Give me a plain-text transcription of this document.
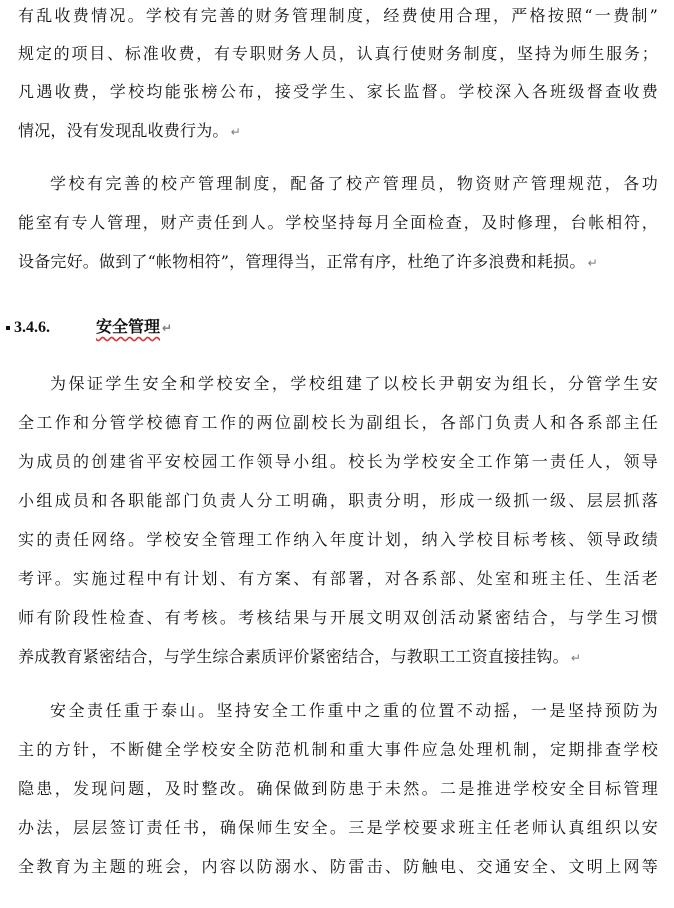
有乱收费情况。学校有完善的财务管理制度，经费使用合理，严格按照“一费制”
规定的项目、标准收费，有专职财务人员，认真行使财务制度，坚持为师生服务；
凡遇收费，学校均能张榜公布，接受学生、家长监督。学校深入各班级督查收费
情况，没有发现乱收费行为。 ↵
学校有完善的校产管理制度，配备了校产管理员，物资财产管理规范，各功
能室有专人管理，财产责任到人。学校坚持每月全面检查，及时修理，台帐相符，
设备完好。做到了“帐物相符”，管理得当，正常有序，杜绝了许多浪费和耗损。 ↵
3.4.6.	安全管理 ↵
为保证学生安全和学校安全，学校组建了以校长尹朝安为组长，分管学生安
全工作和分管学校德育工作的两位副校长为副组长，各部门负责人和各系部主任
为成员的创建省平安校园工作领导小组。校长为学校安全工作第一责任人，领导
小组成员和各职能部门负责人分工明确，职责分明，形成一级抓一级、层层抓落
实的责任网络。学校安全管理工作纳入年度计划，纳入学校目标考核、领导政绩
考评。实施过程中有计划、有方案、有部署，对各系部、处室和班主任、生活老
师有阶段性检查、有考核。考核结果与开展文明双创活动紧密结合，与学生习惯
养成教育紧密结合，与学生综合素质评价紧密结合，与教职工工资直接挂钩。 ↵
安全责任重于泰山。坚持安全工作重中之重的位置不动摇，一是坚持预防为
主的方针，不断健全学校安全防范机制和重大事件应急处理机制，定期排查学校
隐患，发现问题，及时整改。确保做到防患于未然。二是推进学校安全目标管理
办法，层层签订责任书，确保师生安全。三是学校要求班主任老师认真组织以安
全教育为主题的班会，内容以防溺水、防雷击、防触电、交通安全、文明上网等
